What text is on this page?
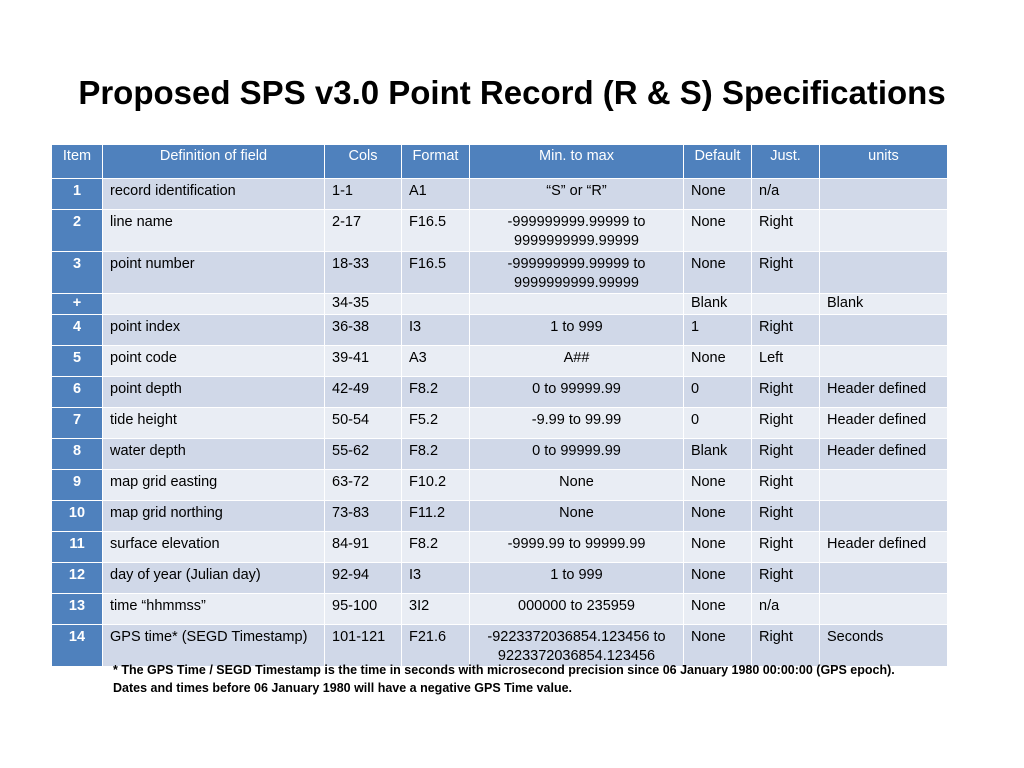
Proposed SPS v3.0 Point Record (R & S) Specifications
Item	Definition of field	Cols	Format	Min. to max	Default	Just.	units
1	record identification	1-1	A1	“S” or “R”	None	n/a	
2	line name	2-17	F16.5	-999999999.99999 to 9999999999.99999	None	Right	
3	point number	18-33	F16.5	-999999999.99999 to 9999999999.99999	None	Right	
+		34-35			Blank		Blank
4	point index	36-38	I3	1 to 999	1	Right	
5	point code	39-41	A3	A##	None	Left	
6	point depth	42-49	F8.2	0 to 99999.99	0	Right	Header defined
7	tide height	50-54	F5.2	-9.99 to 99.99	0	Right	Header defined
8	water depth	55-62	F8.2	0 to 99999.99	Blank	Right	Header defined
9	map grid easting	63-72	F10.2	None	None	Right	
10	map grid northing	73-83	F11.2	None	None	Right	
11	surface elevation	84-91	F8.2	-9999.99 to 99999.99	None	Right	Header defined
12	day of year (Julian day)	92-94	I3	1 to 999	None	Right	
13	time “hhmmss”	95-100	3I2	000000 to 235959	None	n/a	
14	GPS time* (SEGD Timestamp)	101-121	F21.6	-9223372036854.123456 to 9223372036854.123456	None	Right	Seconds
* The GPS Time / SEGD Timestamp is the time in seconds with microsecond precision since 06 January 1980 00:00:00 (GPS epoch).
Dates and times before 06 January 1980 will have a negative GPS Time value.
